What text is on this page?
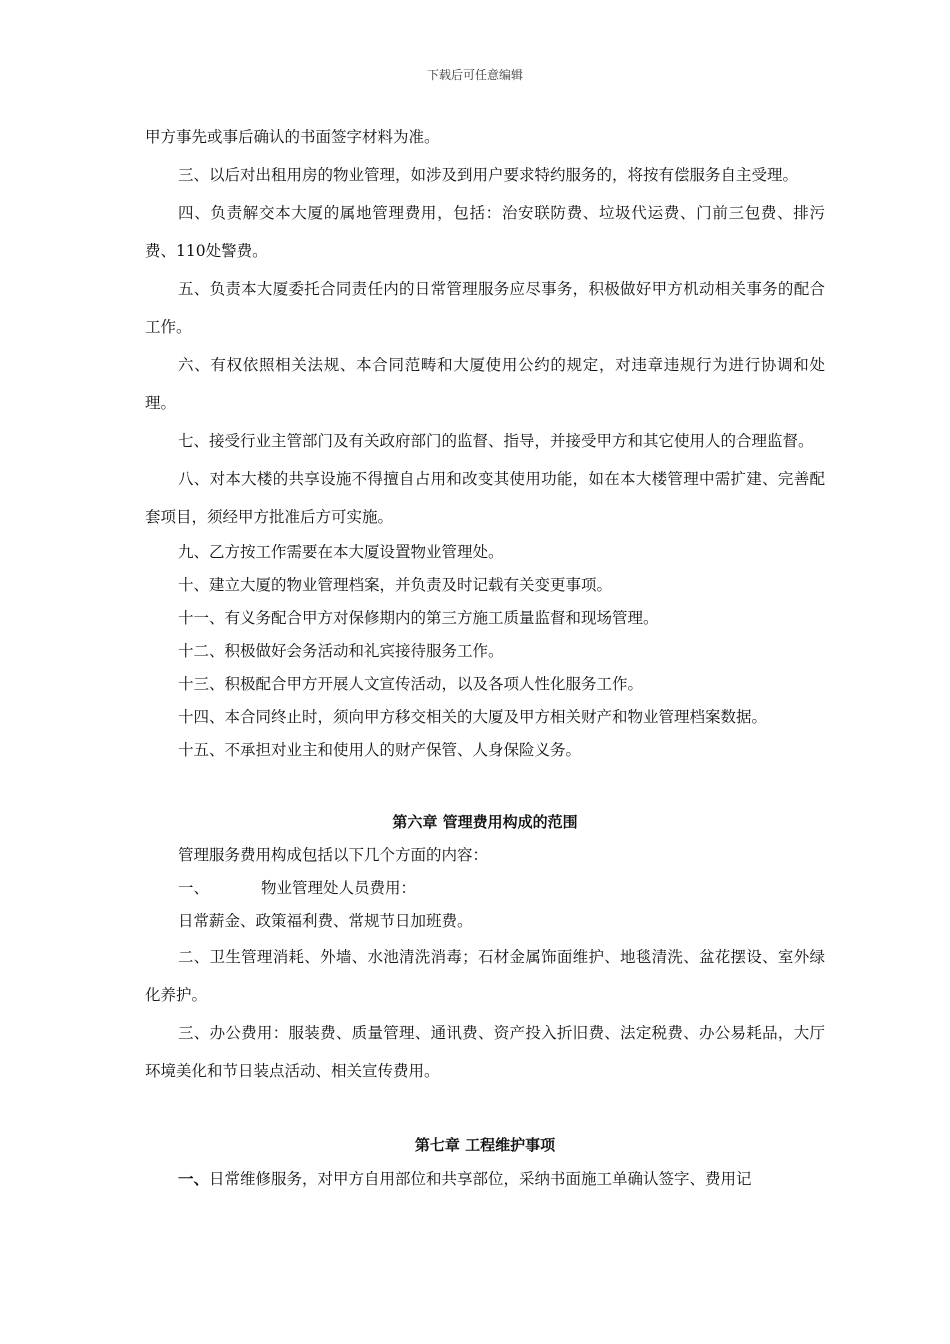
下载后可任意编辑

甲方事先或事后确认的书面签字材料为准。

三、以后对出租用房的物业管理，如涉及到用户要求特约服务的，将按有偿服务自主受理。

四、负责解交本大厦的属地管理费用，包括：治安联防费、垃圾代运费、门前三包费、排污费、110处警费。

五、负责本大厦委托合同责任内的日常管理服务应尽事务，积极做好甲方机动相关事务的配合工作。

六、有权依照相关法规、本合同范畴和大厦使用公约的规定，对违章违规行为进行协调和处理。

七、接受行业主管部门及有关政府部门的监督、指导，并接受甲方和其它使用人的合理监督。

八、对本大楼的共享设施不得擅自占用和改变其使用功能，如在本大楼管理中需扩建、完善配套项目，须经甲方批准后方可实施。

九、乙方按工作需要在本大厦设置物业管理处。

十、建立大厦的物业管理档案，并负责及时记载有关变更事项。

十一、有义务配合甲方对保修期内的第三方施工质量监督和现场管理。

十二、积极做好会务活动和礼宾接待服务工作。

十三、积极配合甲方开展人文宣传活动，以及各项人性化服务工作。

十四、本合同终止时，须向甲方移交相关的大厦及甲方相关财产和物业管理档案数据。

十五、不承担对业主和使用人的财产保管、人身保险义务。

第六章 管理费用构成的范围

管理服务费用构成包括以下几个方面的内容：

一、	物业管理处人员费用：

日常薪金、政策福利费、常规节日加班费。

二、卫生管理消耗、外墙、水池清洗消毒；石材金属饰面维护、地毯清洗、盆花摆设、室外绿化养护。

三、办公费用：服装费、质量管理、通讯费、资产投入折旧费、法定税费、办公易耗品，大厅环境美化和节日装点活动、相关宣传费用。

第七章 工程维护事项

一、日常维修服务，对甲方自用部位和共享部位，采纳书面施工单确认签字、费用记
